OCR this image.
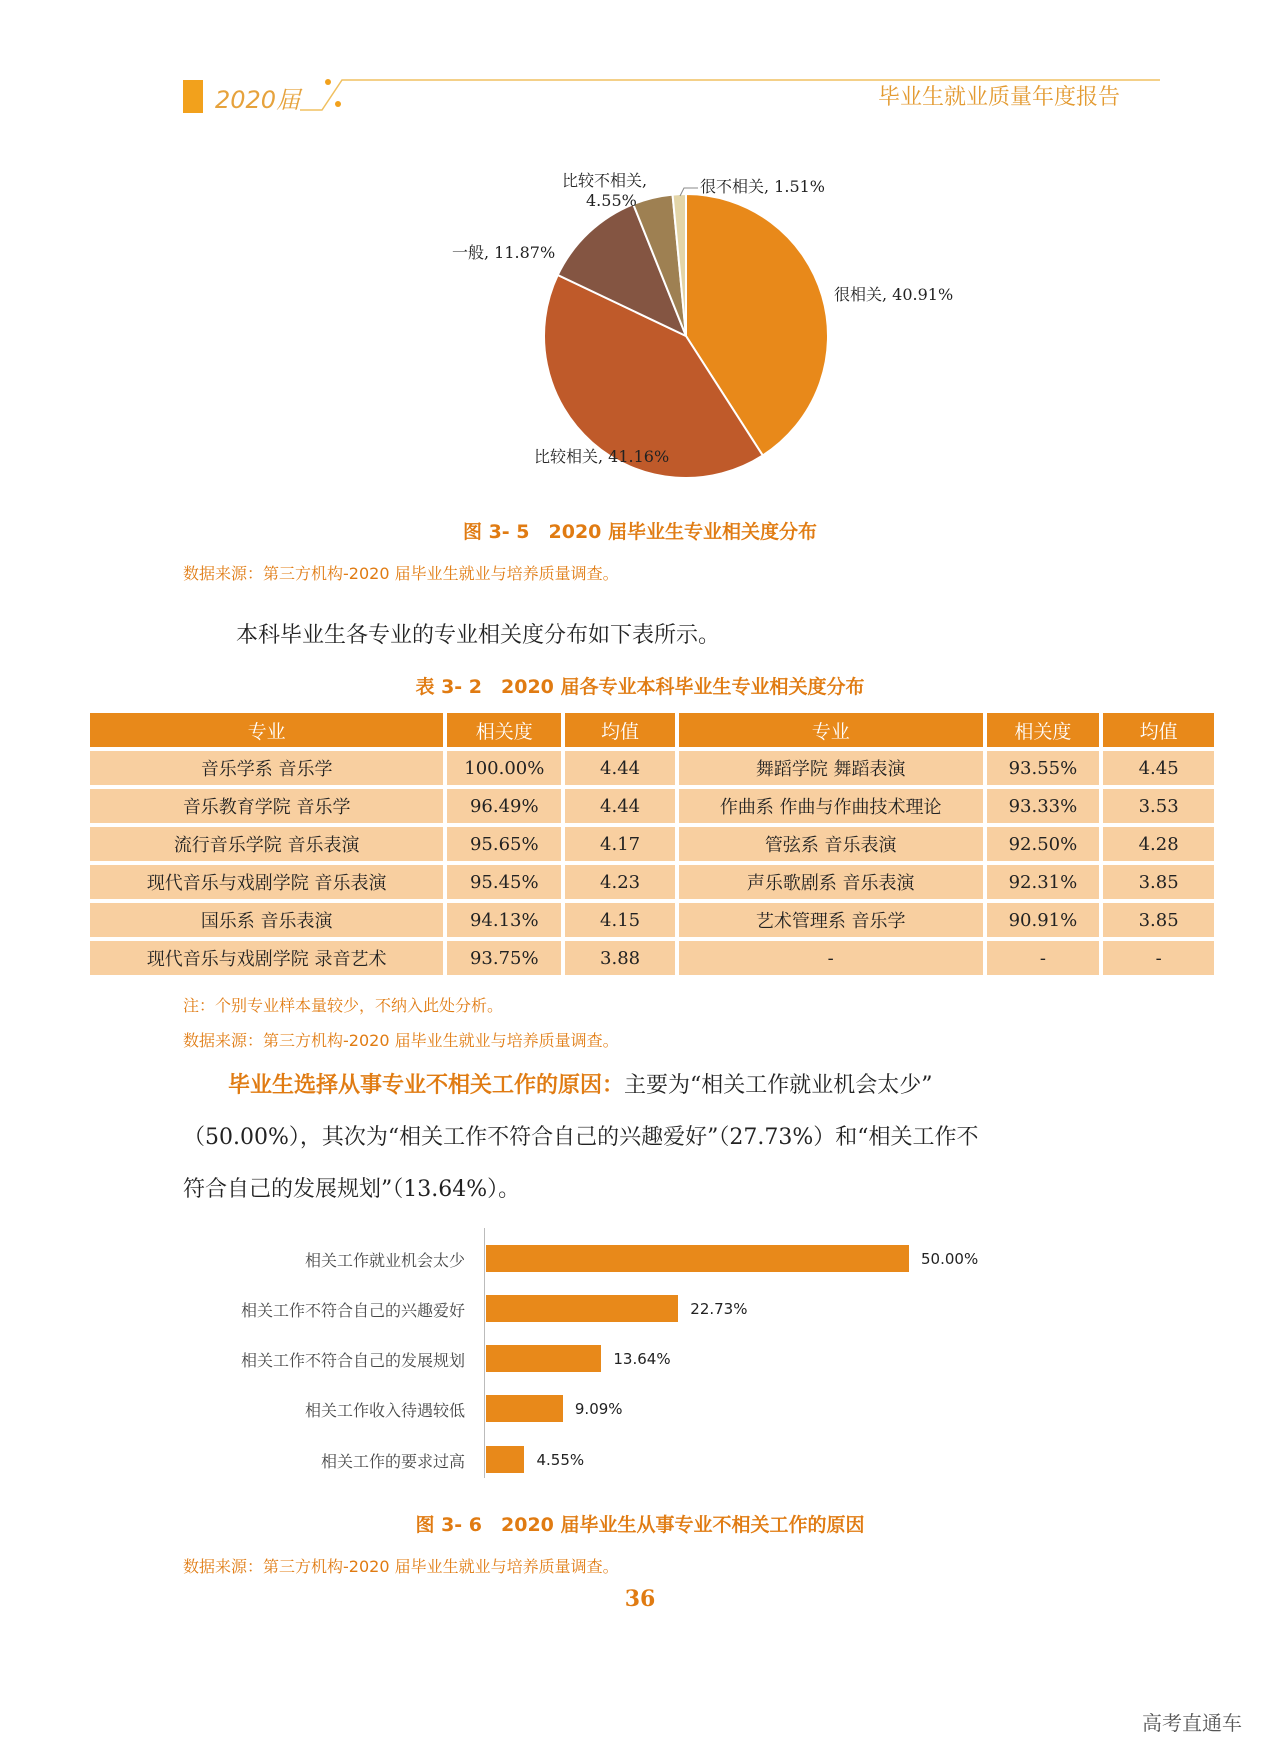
2020届	毕业生就业质量年度报告
很相关, 40.91%
比较相关, 41.16%
一般, 11.87%
比较不相关,
4.55%
很不相关, 1.51%
图 3- 5　2020 届毕业生专业相关度分布
数据来源：第三方机构-2020 届毕业生就业与培养质量调查。
本科毕业生各专业的专业相关度分布如下表所示。
表 3- 2　2020 届各专业本科毕业生专业相关度分布
专业	相关度	均值	专业	相关度	均值
音乐学系 音乐学	100.00%	4.44	舞蹈学院 舞蹈表演	93.55%	4.45
音乐教育学院 音乐学	96.49%	4.44	作曲系 作曲与作曲技术理论	93.33%	3.53
流行音乐学院 音乐表演	95.65%	4.17	管弦系 音乐表演	92.50%	4.28
现代音乐与戏剧学院 音乐表演	95.45%	4.23	声乐歌剧系 音乐表演	92.31%	3.85
国乐系 音乐表演	94.13%	4.15	艺术管理系 音乐学	90.91%	3.85
现代音乐与戏剧学院 录音艺术	93.75%	3.88	-	-	-
注：个别专业样本量较少，不纳入此处分析。
数据来源：第三方机构-2020 届毕业生就业与培养质量调查。
毕业生选择从事专业不相关工作的原因：主要为“相关工作就业机会太少”
（50.00%），其次为“相关工作不符合自己的兴趣爱好”（27.73%）和“相关工作不
符合自己的发展规划”（13.64%）。
相关工作就业机会太少	50.00%
相关工作不符合自己的兴趣爱好	22.73%
相关工作不符合自己的发展规划	13.64%
相关工作收入待遇较低	9.09%
相关工作的要求过高	4.55%
图 3- 6　2020 届毕业生从事专业不相关工作的原因
数据来源：第三方机构-2020 届毕业生就业与培养质量调查。
36
高考直通车
